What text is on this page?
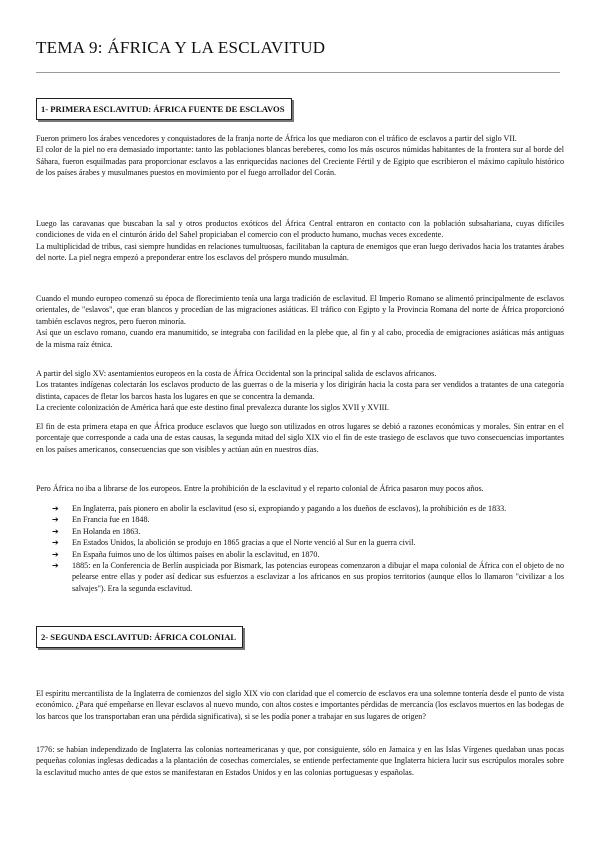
TEMA 9: ÁFRICA Y LA ESCLAVITUD
1- PRIMERA ESCLAVITUD: ÁFRICA FUENTE DE ESCLAVOS
Fueron primero los árabes vencedores y conquistadores de la franja norte de África los que mediaron con el tráfico de esclavos a partir del siglo VII.
El color de la piel no era demasiado importante: tanto las poblaciones blancas bereberes, como los más oscuros númidas habitantes de la frontera sur al borde del Sáhara, fueron esquilmadas para proporcionar esclavos a las enriquecidas naciones del Creciente Fértil y de Egipto que escribieron el máximo capítulo histórico de los países árabes y musulmanes puestos en movimiento por el fuego arrollador del Corán.
Luego las caravanas que buscaban la sal y otros productos exóticos del África Central entraron en contacto con la población subsahariana, cuyas difíciles condiciones de vida en el cinturón árido del Sahel propiciaban el comercio con el producto humano, muchas veces excedente.
La multiplicidad de tribus, casi siempre hundidas en relaciones tumultuosas, facilitaban la captura de enemigos que eran luego derivados hacia los tratantes árabes del norte. La piel negra empezó a preponderar entre los esclavos del próspero mundo musulmán.
Cuando el mundo europeo comenzó su época de florecimiento tenía una larga tradición de esclavitud. El Imperio Romano se alimentó principalmente de esclavos orientales, de "eslavos", que eran blancos y procedían de las migraciones asiáticas. El tráfico con Egipto y la Provincia Romana del norte de África proporcionó también esclavos negros, pero fueron minoría.
Así que un esclavo romano, cuando era manumitido, se integraba con facilidad en la plebe que, al fin y al cabo, procedía de emigraciones asiáticas más antiguas de la misma raíz étnica.
A partir del siglo XV: asentamientos europeos en la costa de África Occidental son la principal salida de esclavos africanos.
Los tratantes indígenas colectarán los esclavos producto de las guerras o de la miseria y los dirigirán hacia la costa para ser vendidos a tratantes de una categoría distinta, capaces de fletar los barcos hasta los lugares en que se concentra la demanda.
La creciente colonización de América hará que este destino final prevalezca durante los siglos XVII y XVIII.
El fin de esta primera etapa en que África produce esclavos que luego son utilizados en otros lugares se debió a razones económicas y morales. Sin entrar en el porcentaje que corresponde a cada una de estas causas, la segunda mitad del siglo XIX vio el fin de este trasiego de esclavos que tuvo consecuencias importantes en los países americanos, consecuencias que son visibles y actúan aún en nuestros días.
Pero África no iba a librarse de los europeos. Entre la prohibición de la esclavitud y el reparto colonial de África pasaron muy pocos años.
➔ En Inglaterra, país pionero en abolir la esclavitud (eso sí, expropiando y pagando a los dueños de esclavos), la prohibición es de 1833.
➔ En Francia fue en 1848.
➔ En Holanda en 1863.
➔ En Estados Unidos, la abolición se produjo en 1865 gracias a que el Norte venció al Sur en la guerra civil.
➔ En España fuimos uno de los últimos países en abolir la esclavitud, en 1870.
➔ 1885: en la Conferencia de Berlín auspiciada por Bismark, las potencias europeas comenzaron a dibujar el mapa colonial de África con el objeto de no pelearse entre ellas y poder así dedicar sus esfuerzos a esclavizar a los africanos en sus propios territorios (aunque ellos lo llamaron "civilizar a los salvajes"). Era la segunda esclavitud.
2- SEGUNDA ESCLAVITUD: ÁFRICA COLONIAL
El espíritu mercantilista de la Inglaterra de comienzos del siglo XIX vio con claridad que el comercio de esclavos era una solemne tontería desde el punto de vista económico. ¿Para qué empeñarse en llevar esclavos al nuevo mundo, con altos costes e importantes pérdidas de mercancía (los esclavos muertos en las bodegas de los barcos que los transportaban eran una pérdida significativa), si se les podía poner a trabajar en sus lugares de origen?
1776: se habían independizado de Inglaterra las colonias norteamericanas y que, por consiguiente, sólo en Jamaica y en las Islas Vírgenes quedaban unas pocas pequeñas colonias inglesas dedicadas a la plantación de cosechas comerciales, se entiende perfectamente que Inglaterra hiciera lucir sus escrúpulos morales sobre la esclavitud mucho antes de que estos se manifestaran en Estados Unidos y en las colonias portuguesas y españolas.
